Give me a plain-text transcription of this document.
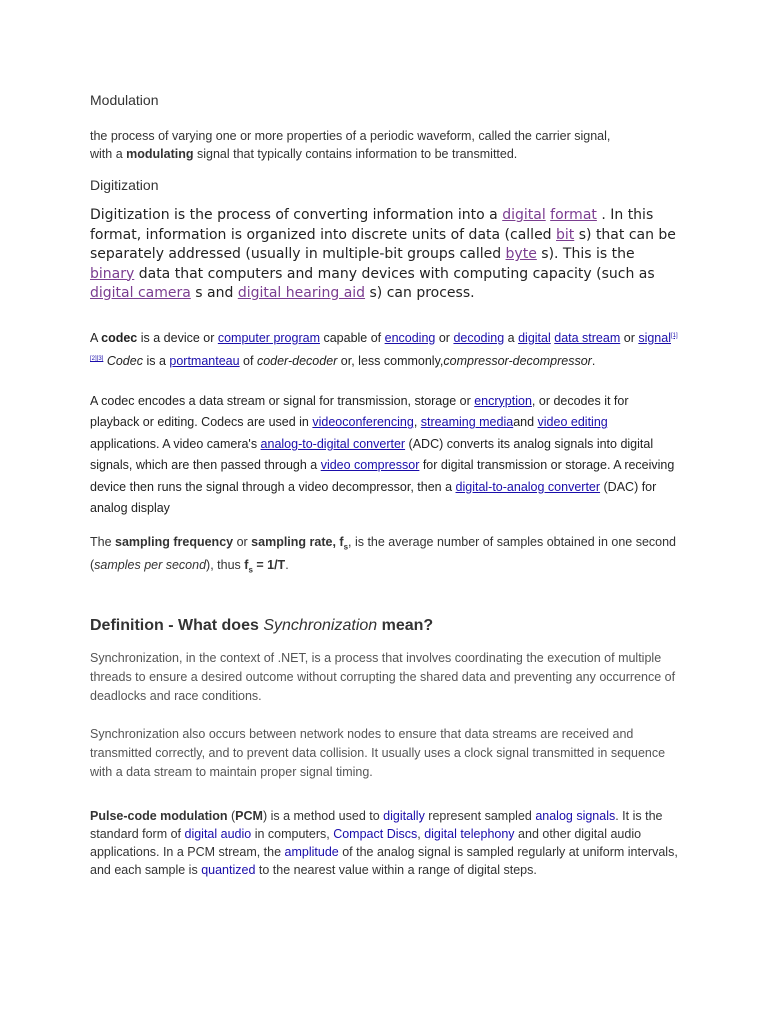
Modulation

the process of varying one or more properties of a periodic waveform, called the carrier signal,
with a modulating signal that typically contains information to be transmitted.

Digitization

Digitization is the process of converting information into a digital format . In this format, information is organized into discrete units of data (called bit s) that can be separately addressed (usually in multiple-bit groups called byte s). This is the binary data that computers and many devices with computing capacity (such as digital camera s and digital hearing aid s) can process.

A codec is a device or computer program capable of encoding or decoding a digital data stream or signal[1][2][3] Codec is a portmanteau of coder-decoder or, less commonly,compressor-decompressor.

A codec encodes a data stream or signal for transmission, storage or encryption, or decodes it for playback or editing. Codecs are used in videoconferencing, streaming mediaand video editing applications. A video camera's analog-to-digital converter (ADC) converts its analog signals into digital signals, which are then passed through a video compressor for digital transmission or storage. A receiving device then runs the signal through a video decompressor, then a digital-to-analog converter (DAC) for analog display

The sampling frequency or sampling rate, $f_s$, is the average number of samples obtained in one second (samples per second), thus $f_s = 1/T$.

Definition - What does Synchronization mean?

Synchronization, in the context of .NET, is a process that involves coordinating the execution of multiple threads to ensure a desired outcome without corrupting the shared data and preventing any occurrence of deadlocks and race conditions.

Synchronization also occurs between network nodes to ensure that data streams are received and transmitted correctly, and to prevent data collision. It usually uses a clock signal transmitted in sequence with a data stream to maintain proper signal timing.

Pulse-code modulation (PCM) is a method used to digitally represent sampled analog signals. It is the standard form of digital audio in computers, Compact Discs, digital telephony and other digital audio applications. In a PCM stream, the amplitude of the analog signal is sampled regularly at uniform intervals, and each sample is quantized to the nearest value within a range of digital steps.
